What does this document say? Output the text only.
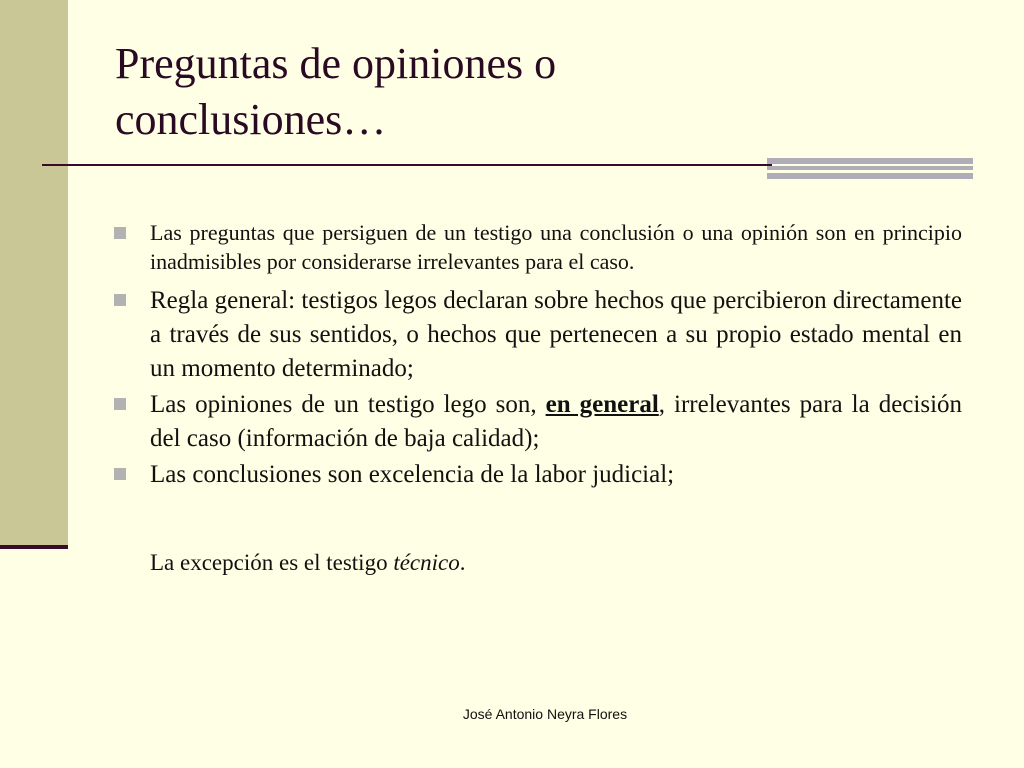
Preguntas de opiniones o
conclusiones…
Las preguntas que persiguen de un testigo una conclusión o una opinión son en principio inadmisibles por considerarse irrelevantes para el caso.
Regla general: testigos legos declaran sobre hechos que percibieron directamente a través de sus sentidos, o hechos que pertenecen a su propio estado mental en un momento determinado;
Las opiniones de un testigo lego son, en general, irrelevantes para la decisión del caso (información de baja calidad);
Las conclusiones son excelencia de la labor judicial;
La excepción es el testigo técnico.
José Antonio Neyra Flores
